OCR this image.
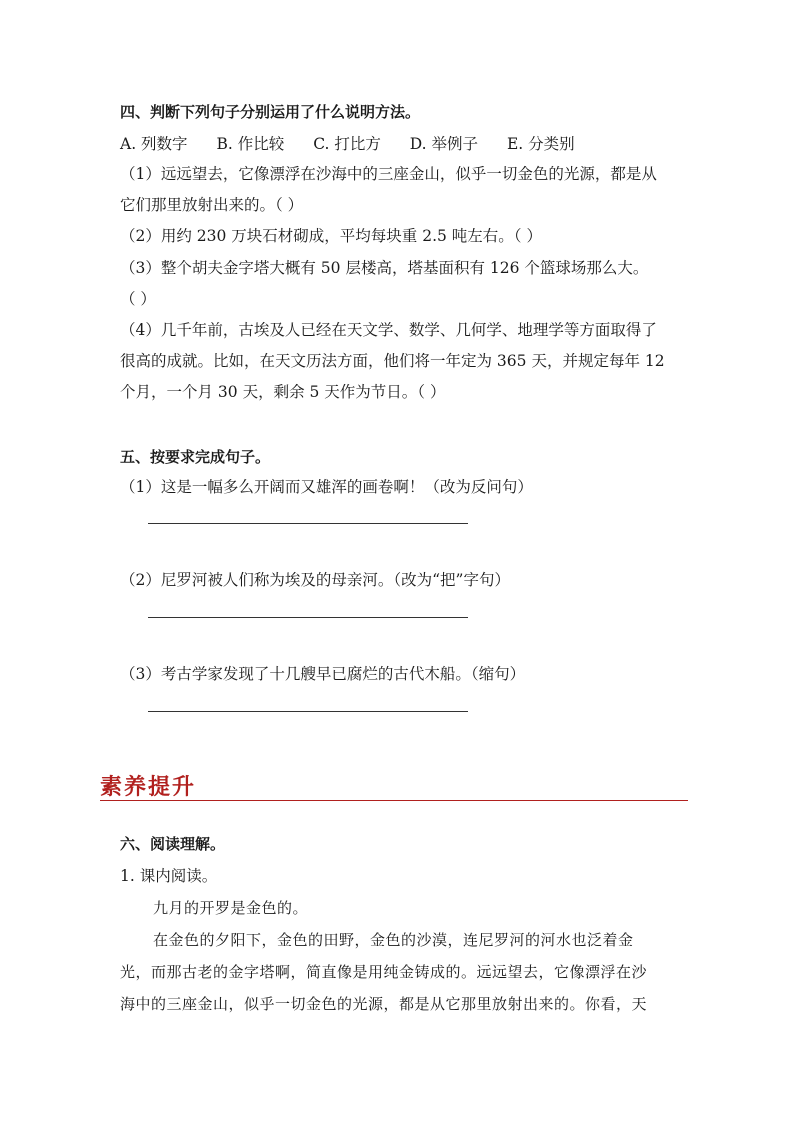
四、判断下列句子分别运用了什么说明方法。
A. 列数字 B. 作比较 C. 打比方 D. 举例子 E. 分类别
（1）远远望去，它像漂浮在沙海中的三座金山，似乎一切金色的光源，都是从
它们那里放射出来的。（ ）
（2）用约 230 万块石材砌成，平均每块重 2.5 吨左右。（ ）
（3）整个胡夫金字塔大概有 50 层楼高，塔基面积有 126 个篮球场那么大。
（ ）
（4）几千年前，古埃及人已经在天文学、数学、几何学、地理学等方面取得了
很高的成就。比如，在天文历法方面，他们将一年定为 365 天，并规定每年 12
个月，一个月 30 天，剩余 5 天作为节日。（ ）
五、按要求完成句子。
（1）这是一幅多么开阔而又雄浑的画卷啊！（改为反问句）
（2）尼罗河被人们称为埃及的母亲河。（改为“把”字句）
（3）考古学家发现了十几艘早已腐烂的古代木船。（缩句）
素养提升
六、阅读理解。
1. 课内阅读。
九月的开罗是金色的。
在金色的夕阳下，金色的田野，金色的沙漠，连尼罗河的河水也泛着金
光，而那古老的金字塔啊，简直像是用纯金铸成的。远远望去，它像漂浮在沙
海中的三座金山，似乎一切金色的光源，都是从它那里放射出来的。你看，天
